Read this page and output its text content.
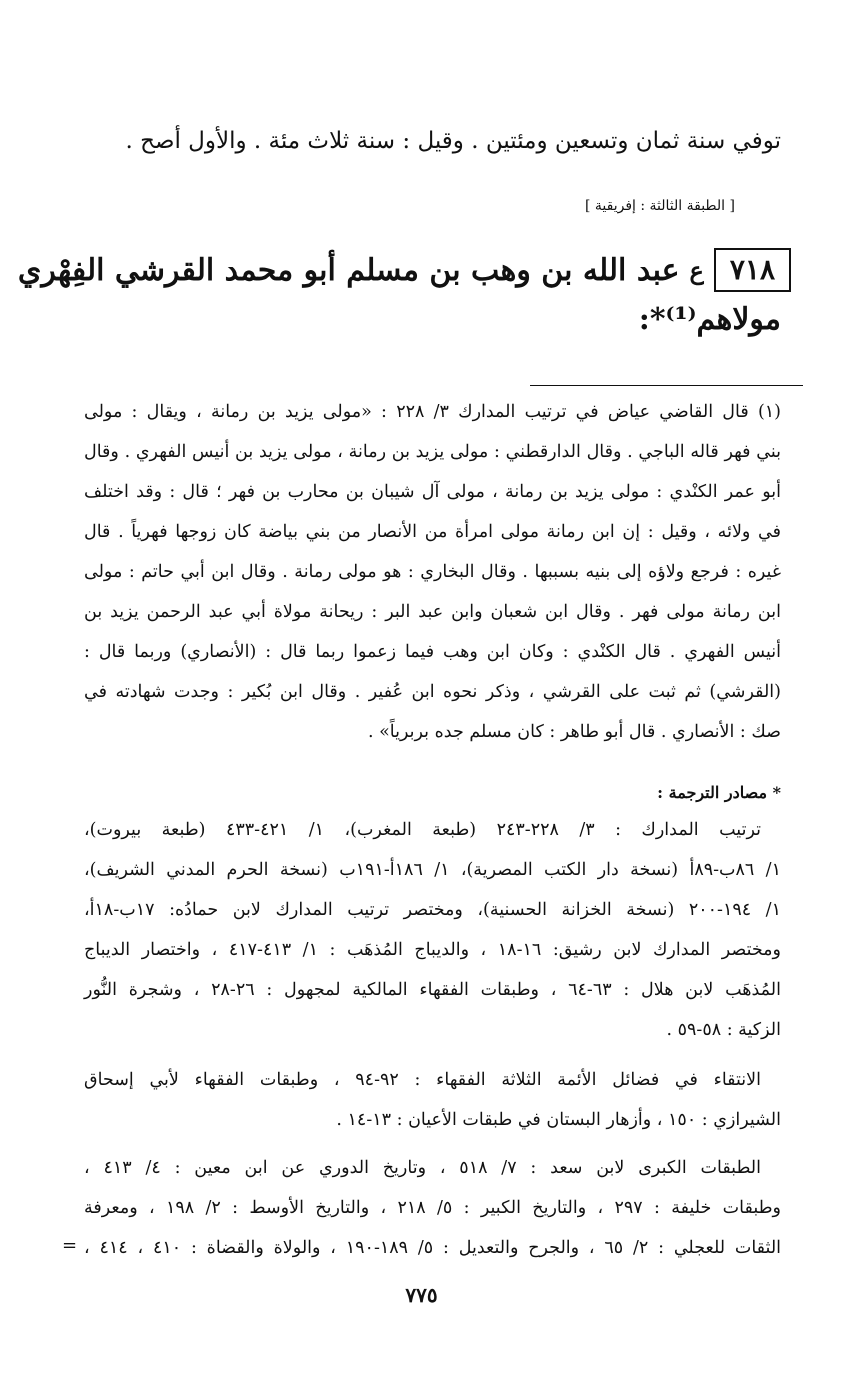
توفي سنة ثمان وتسعين ومئتين . وقيل : سنة ثلاث مئة . والأول أصح .
[ الطبقة الثالثة : إفريقية ]
٧١٨
ع
عبد الله بن وهب بن مسلم أبو محمد القرشي الفِهْري
مولاهم⁽¹⁾*:
(١) قال القاضي عياض في ترتيب المدارك ٣/ ٢٢٨ : «مولى يزيد بن رمانة ، ويقال : مولى
بني فهر قاله الباجي . وقال الدارقطني : مولى يزيد بن رمانة ، مولى يزيد بن أنيس الفهري . وقال
أبو عمر الكنْدي : مولى يزيد بن رمانة ، مولى آل شيبان بن محارب بن فهر ؛ قال : وقد اختلف
في ولائه ، وقيل : إن ابن رمانة مولى امرأة من الأنصار من بني بياضة كان زوجها فهرياً . قال
غيره : فرجع ولاؤه إلى بنيه بسببها . وقال البخاري : هو مولى رمانة . وقال ابن أبي حاتم : مولى
ابن رمانة مولى فهر . وقال ابن شعبان وابن عبد البر : ريحانة مولاة أبي عبد الرحمن يزيد بن
أنيس الفهري . قال الكنْدي : وكان ابن وهب فيما زعموا ربما قال : (الأنصاري) وربما قال :
(القرشي) ثم ثبت على القرشي ، وذكر نحوه ابن عُفير . وقال ابن بُكير : وجدت شهادته في
صك : الأنصاري . قال أبو طاهر : كان مسلم جده بربرياً» .
* مصادر الترجمة :
ترتيب المدارك : ٣/ ٢٢٨-٢٤٣ (طبعة المغرب)، ١/ ٤٢١-٤٣٣ (طبعة بيروت)،
١/ ٨٦ب-٨٩أ (نسخة دار الكتب المصرية)، ١/ ١٨٦أ-١٩١ب (نسخة الحرم المدني الشريف)،
١/ ١٩٤-٢٠٠ (نسخة الخزانة الحسنية)، ومختصر ترتيب المدارك لابن حمادُه: ١٧ب-١٨أ،
ومختصر المدارك لابن رشيق: ١٦-١٨ ، والديباج المُذهَب : ١/ ٤١٣-٤١٧ ، واختصار الديباج
المُذهَب لابن هلال : ٦٣-٦٤ ، وطبقات الفقهاء المالكية لمجهول : ٢٦-٢٨ ، وشجرة النُّور
الزكية : ٥٨-٥٩ .
الانتقاء في فضائل الأئمة الثلاثة الفقهاء : ٩٢-٩٤ ، وطبقات الفقهاء لأبي إسحاق
الشيرازي : ١٥٠ ، وأزهار البستان في طبقات الأعيان : ١٣-١٤ .
الطبقات الكبرى لابن سعد : ٧/ ٥١٨ ، وتاريخ الدوري عن ابن معين : ٤/ ٤١٣ ،
وطبقات خليفة : ٢٩٧ ، والتاريخ الكبير : ٥/ ٢١٨ ، والتاريخ الأوسط : ٢/ ١٩٨ ، ومعرفة
الثقات للعجلي : ٢/ ٦٥ ، والجرح والتعديل : ٥/ ١٨٩-١٩٠ ، والولاة والقضاة : ٤١٠ ، ٤١٤ ،
=
٧٧٥
